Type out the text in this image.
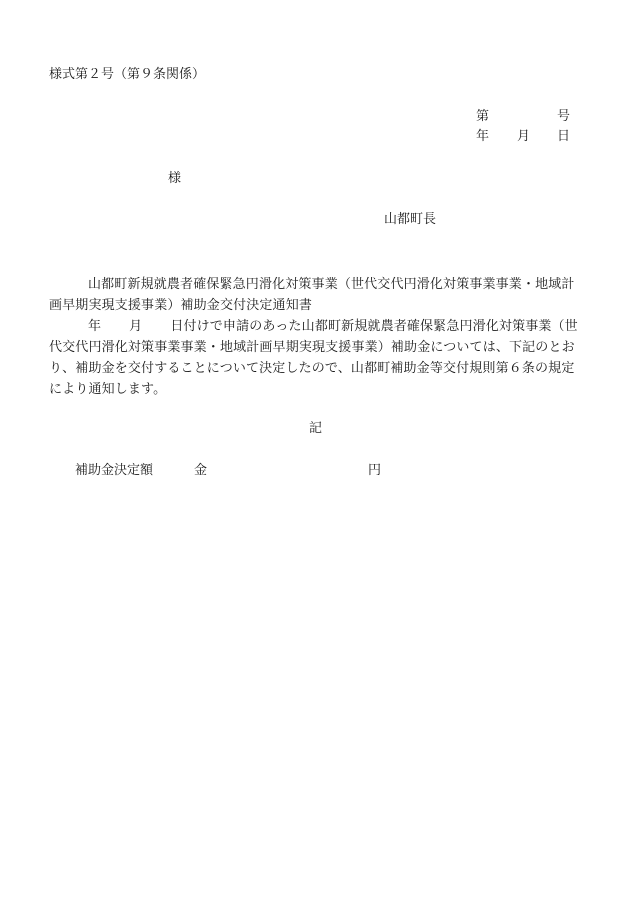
様式第２号（第９条関係）
第	号
年 月 日
様
山都町長
山都町新規就農者確保緊急円滑化対策事業（世代交代円滑化対策事業事業・地域計画早期実現支援事業）補助金交付決定通知書
年 月 日付けで申請のあった山都町新規就農者確保緊急円滑化対策事業（世代交代円滑化対策事業事業・地域計画早期実現支援事業）補助金については、下記のとおり、補助金を交付することについて決定したので、山都町補助金等交付規則第６条の規定により通知します。
記
補助金決定額	金	円
